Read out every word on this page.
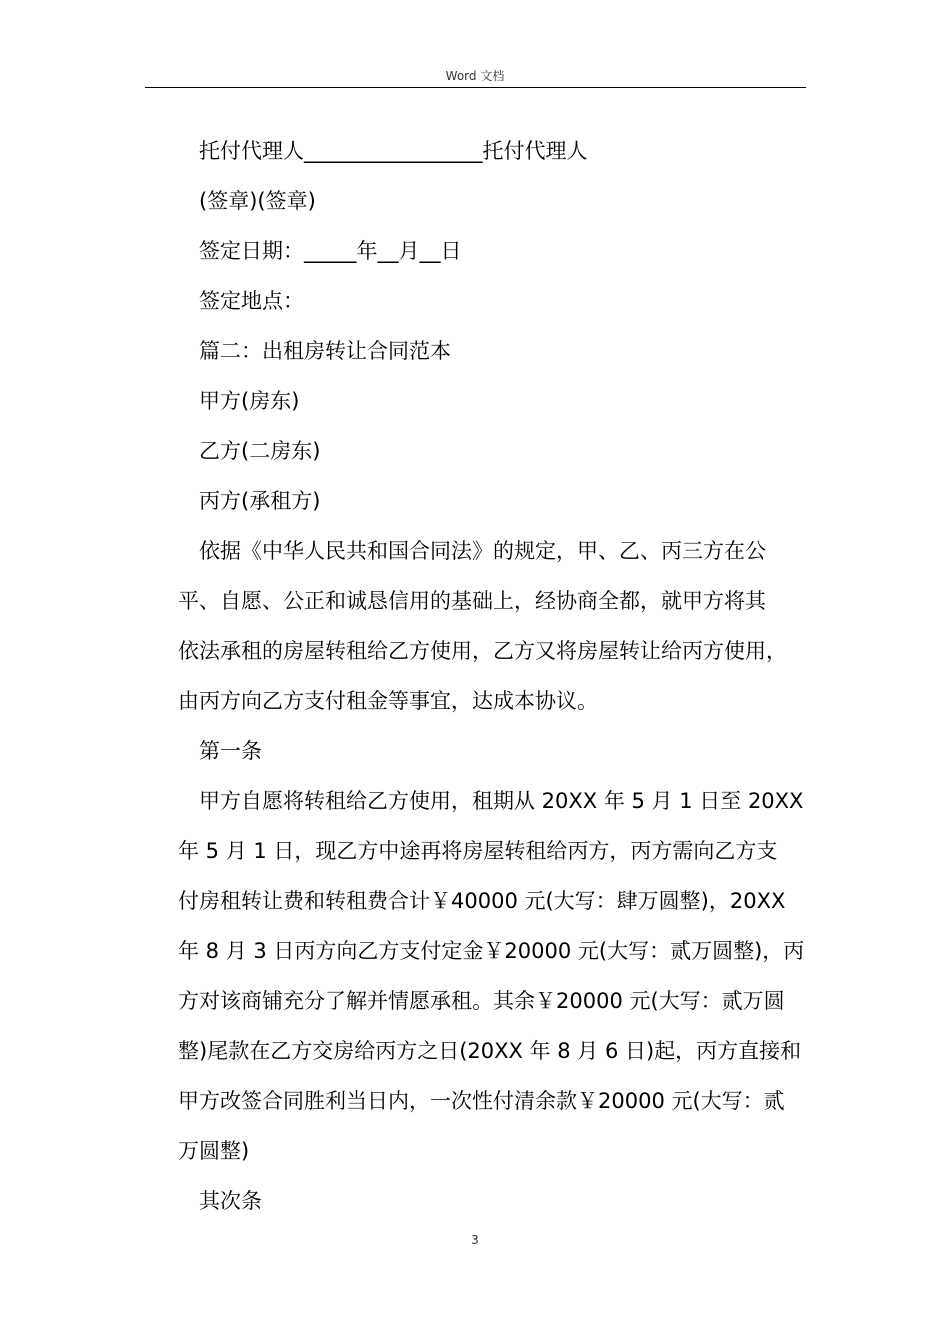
Word 文档

托付代理人_________________托付代理人

(签章)(签章)

签定日期：_____年__月__日

签定地点：

篇二：出租房转让合同范本

甲方(房东)

乙方(二房东)

丙方(承租方)

依据《中华人民共和国合同法》的规定，甲、乙、丙三方在公

平、自愿、公正和诚恳信用的基础上，经协商全都，就甲方将其

依法承租的房屋转租给乙方使用，乙方又将房屋转让给丙方使用，

由丙方向乙方支付租金等事宜，达成本协议。

第一条

甲方自愿将转租给乙方使用，租期从 20XX 年 5 月 1 日至 20XX

年 5 月 1 日，现乙方中途再将房屋转租给丙方，丙方需向乙方支

付房租转让费和转租费合计￥40000 元(大写：肆万圆整)，20XX

年 8 月 3 日丙方向乙方支付定金￥20000 元(大写：贰万圆整)，丙

方对该商铺充分了解并情愿承租。其余￥20000 元(大写：贰万圆

整)尾款在乙方交房给丙方之日(20XX 年 8 月 6 日)起，丙方直接和

甲方改签合同胜利当日内，一次性付清余款￥20000 元(大写：贰

万圆整)

其次条

3
